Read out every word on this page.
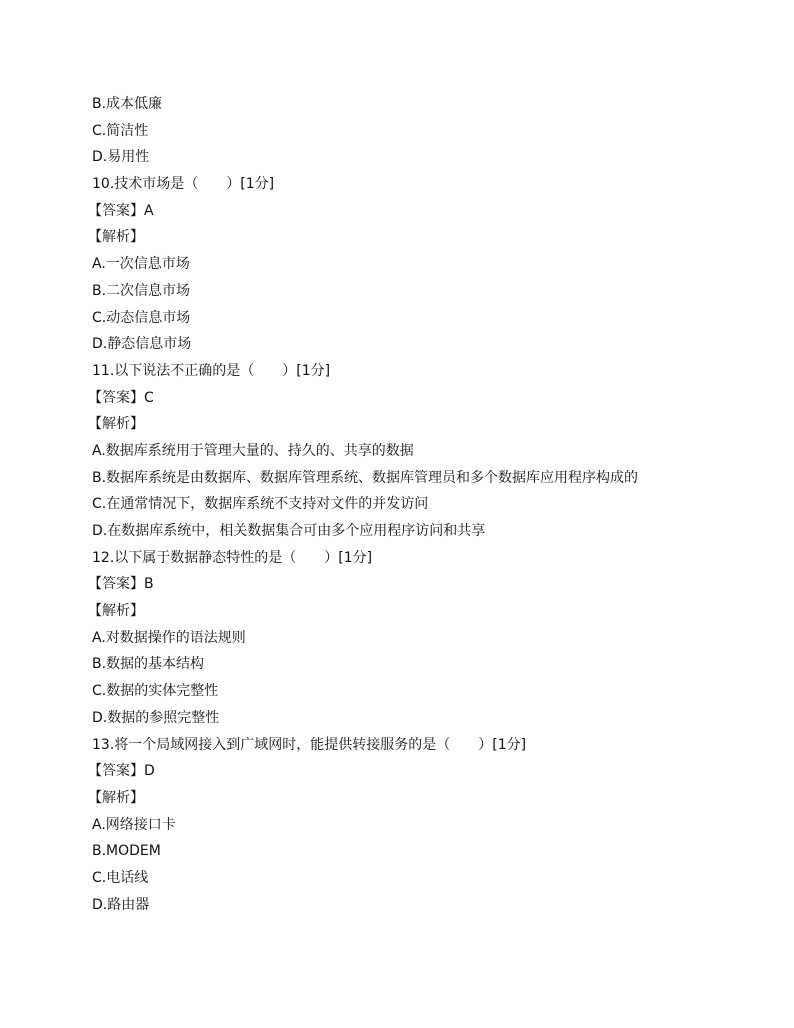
B.成本低廉
C.简洁性
D.易用性
10.技术市场是（　　）[1分]
【答案】A
【解析】
A.一次信息市场
B.二次信息市场
C.动态信息市场
D.静态信息市场
11.以下说法不正确的是（　　）[1分]
【答案】C
【解析】
A.数据库系统用于管理大量的、持久的、共享的数据
B.数据库系统是由数据库、数据库管理系统、数据库管理员和多个数据库应用程序构成的
C.在通常情况下，数据库系统不支持对文件的并发访问
D.在数据库系统中，相关数据集合可由多个应用程序访问和共享
12.以下属于数据静态特性的是（　　）[1分]
【答案】B
【解析】
A.对数据操作的语法规则
B.数据的基本结构
C.数据的实体完整性
D.数据的参照完整性
13.将一个局域网接入到广域网时，能提供转接服务的是（　　）[1分]
【答案】D
【解析】
A.网络接口卡
B.MODEM
C.电话线
D.路由器
